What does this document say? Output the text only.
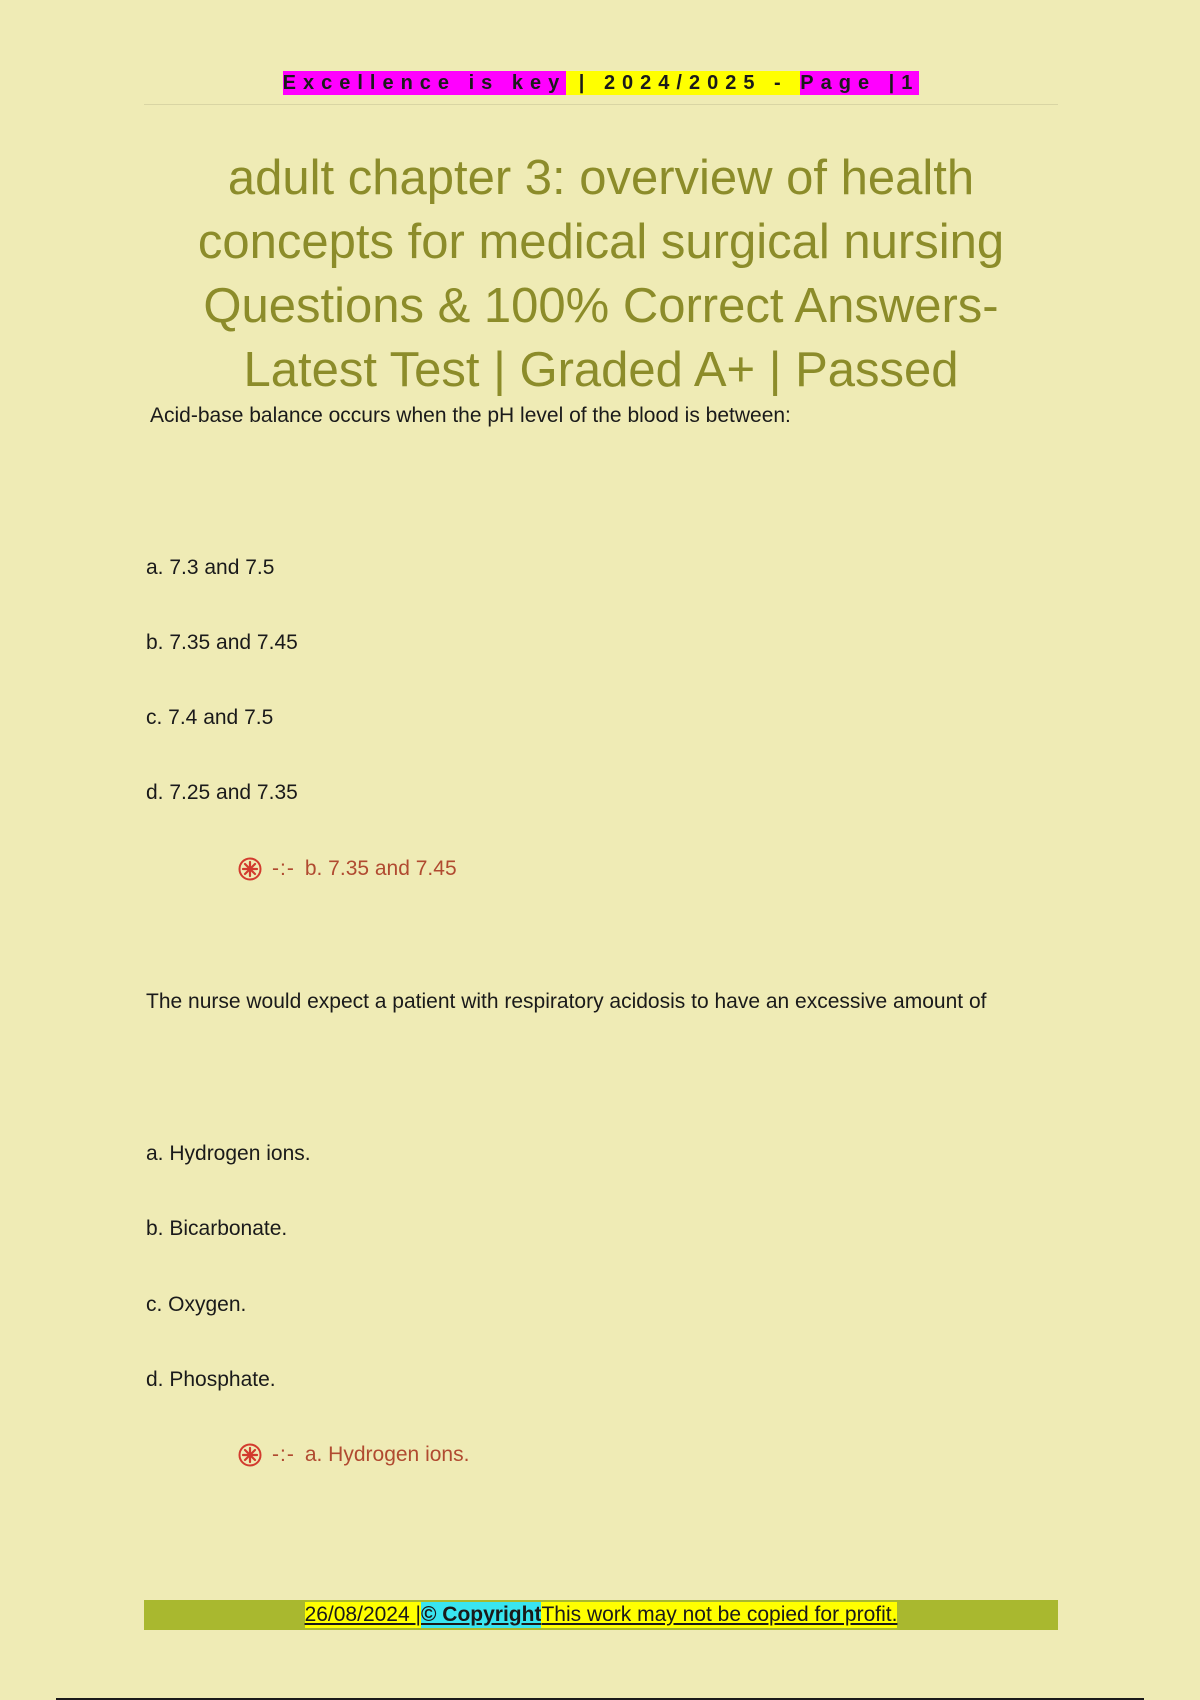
Excellence is key | 2024/2025 - Page |1
adult chapter 3: overview of health concepts for medical surgical nursing Questions & 100% Correct Answers- Latest Test | Graded A+ | Passed

Acid-base balance occurs when the pH level of the blood is between:

a. 7.3 and 7.5

b. 7.35 and 7.45

c. 7.4 and 7.5

d. 7.25 and 7.35

-:- b. 7.35 and 7.45

The nurse would expect a patient with respiratory acidosis to have an excessive amount of

a. Hydrogen ions.

b. Bicarbonate.

c. Oxygen.

d. Phosphate.

-:- a. Hydrogen ions.
26/08/2024 | © Copyright This work may not be copied for profit.
